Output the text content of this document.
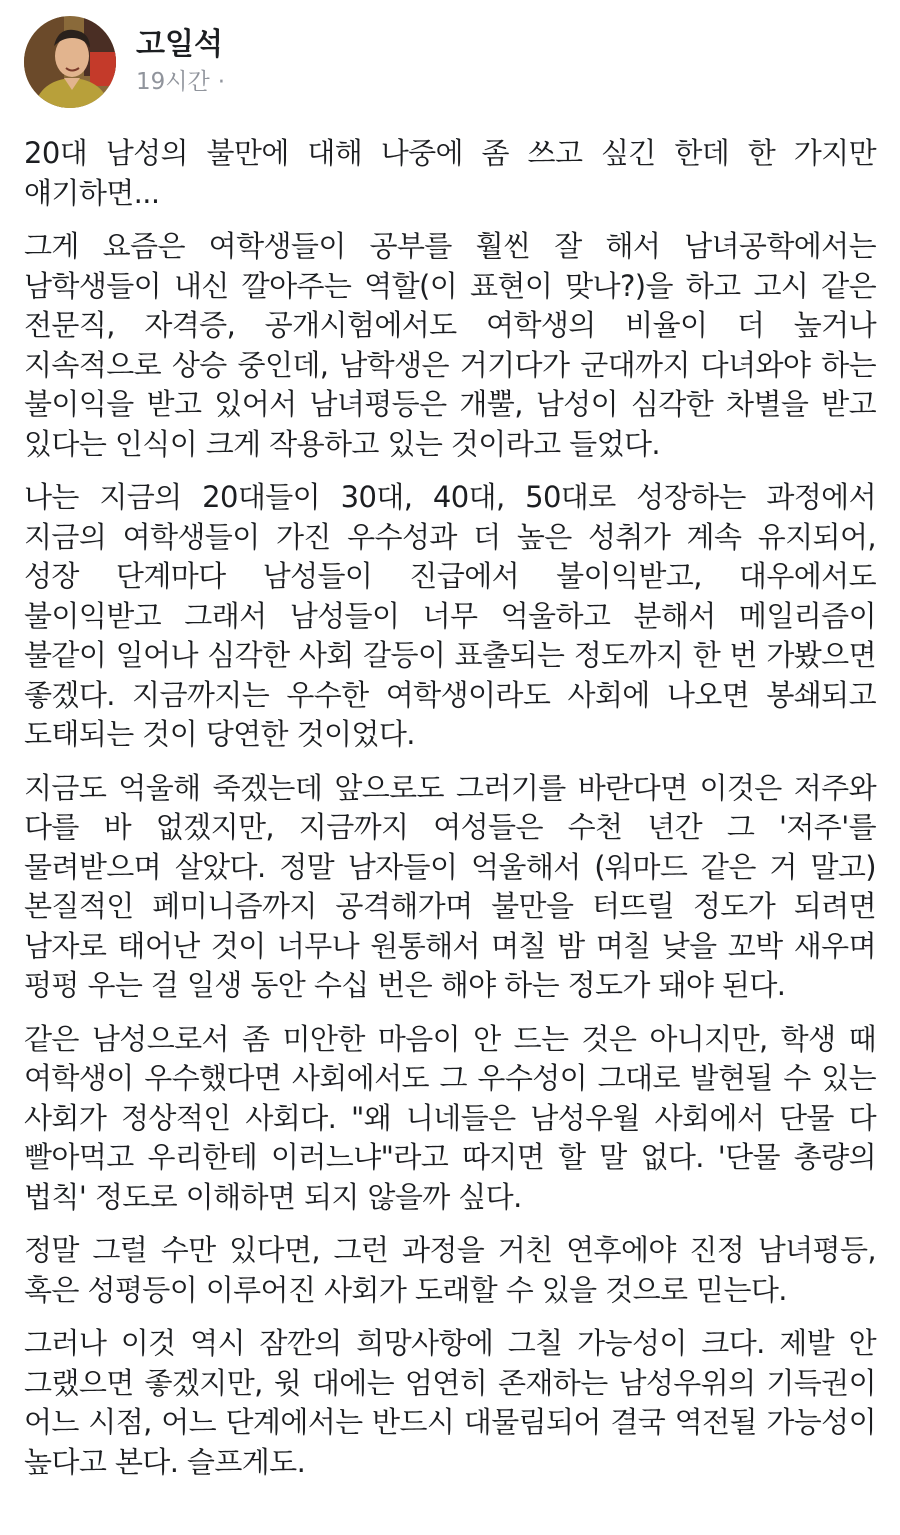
고일석
19시간 ·

20대 남성의 불만에 대해 나중에 좀 쓰고 싶긴 한데 한 가지만 얘기하면...

그게 요즘은 여학생들이 공부를 훨씬 잘 해서 남녀공학에서는 남학생들이 내신 깔아주는 역할(이 표현이 맞나?)을 하고 고시 같은 전문직, 자격증, 공개시험에서도 여학생의 비율이 더 높거나 지속적으로 상승 중인데, 남학생은 거기다가 군대까지 다녀와야 하는 불이익을 받고 있어서 남녀평등은 개뿔, 남성이 심각한 차별을 받고 있다는 인식이 크게 작용하고 있는 것이라고 들었다.

나는 지금의 20대들이 30대, 40대, 50대로 성장하는 과정에서 지금의 여학생들이 가진 우수성과 더 높은 성취가 계속 유지되어, 성장 단계마다 남성들이 진급에서 불이익받고, 대우에서도 불이익받고 그래서 남성들이 너무 억울하고 분해서 메일리즘이 불같이 일어나 심각한 사회 갈등이 표출되는 정도까지 한 번 가봤으면 좋겠다. 지금까지는 우수한 여학생이라도 사회에 나오면 봉쇄되고 도태되는 것이 당연한 것이었다.

지금도 억울해 죽겠는데 앞으로도 그러기를 바란다면 이것은 저주와 다를 바 없겠지만, 지금까지 여성들은 수천 년간 그 '저주'를 물려받으며 살았다. 정말 남자들이 억울해서 (워마드 같은 거 말고) 본질적인 페미니즘까지 공격해가며 불만을 터뜨릴 정도가 되려면 남자로 태어난 것이 너무나 원통해서 며칠 밤 며칠 낮을 꼬박 새우며 펑펑 우는 걸 일생 동안 수십 번은 해야 하는 정도가 돼야 된다.

같은 남성으로서 좀 미안한 마음이 안 드는 것은 아니지만, 학생 때 여학생이 우수했다면 사회에서도 그 우수성이 그대로 발현될 수 있는 사회가 정상적인 사회다. "왜 니네들은 남성우월 사회에서 단물 다 빨아먹고 우리한테 이러느냐"라고 따지면 할 말 없다. '단물 총량의 법칙' 정도로 이해하면 되지 않을까 싶다.

정말 그럴 수만 있다면, 그런 과정을 거친 연후에야 진정 남녀평등, 혹은 성평등이 이루어진 사회가 도래할 수 있을 것으로 믿는다.

그러나 이것 역시 잠깐의 희망사항에 그칠 가능성이 크다. 제발 안 그랬으면 좋겠지만, 윗 대에는 엄연히 존재하는 남성우위의 기득권이 어느 시점, 어느 단계에서는 반드시 대물림되어 결국 역전될 가능성이 높다고 본다. 슬프게도.
